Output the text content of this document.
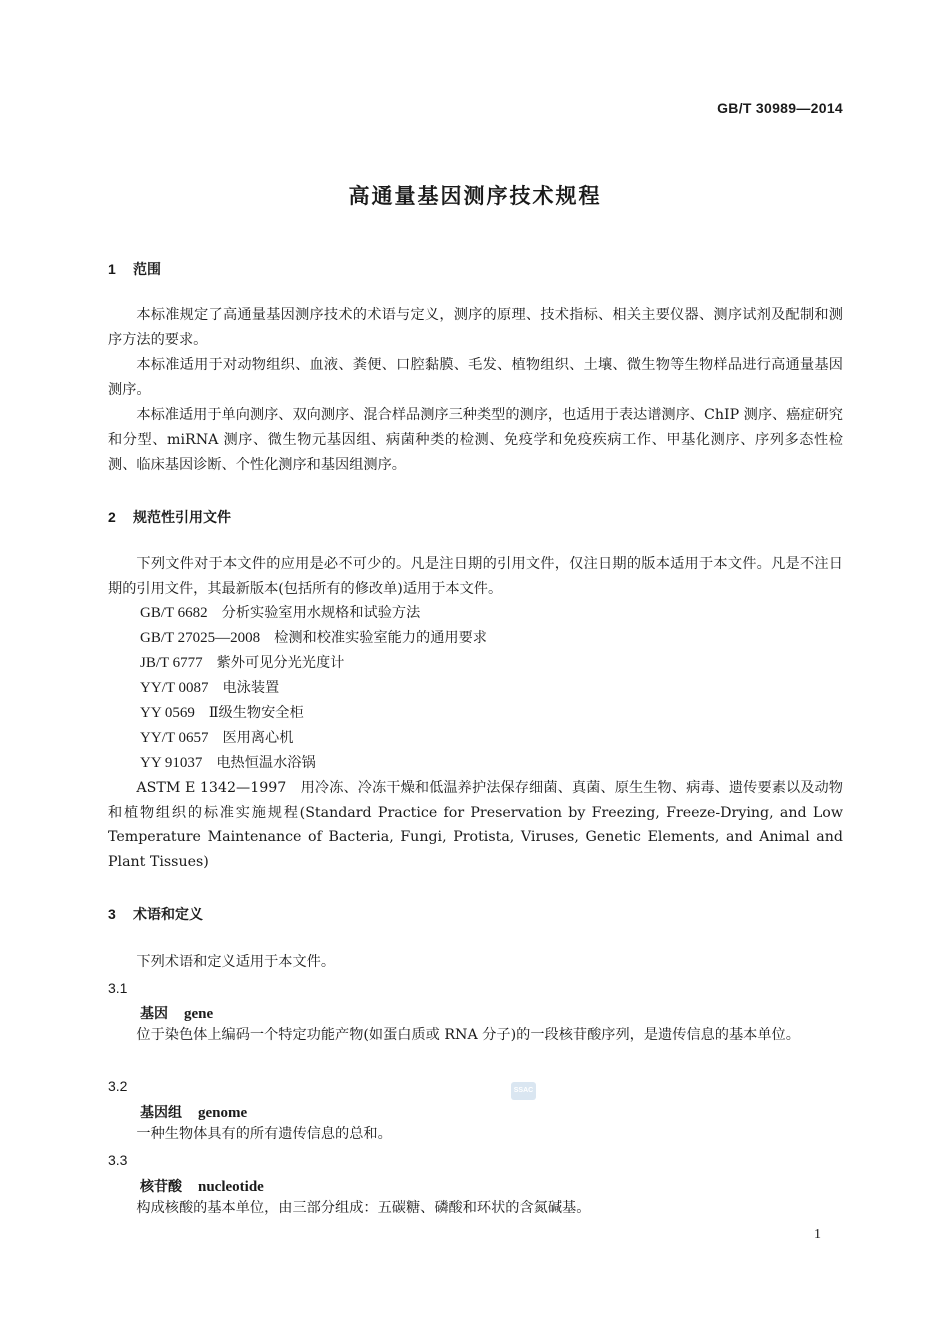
GB/T 30989—2014
高通量基因测序技术规程
1 范围

本标准规定了高通量基因测序技术的术语与定义，测序的原理、技术指标、相关主要仪器、测序试剂及配制和测序方法的要求。

本标准适用于对动物组织、血液、粪便、口腔黏膜、毛发、植物组织、土壤、微生物等生物样品进行高通量基因测序。

本标准适用于单向测序、双向测序、混合样品测序三种类型的测序，也适用于表达谱测序、ChIP 测序、癌症研究和分型、miRNA 测序、微生物元基因组、病菌种类的检测、免疫学和免疫疾病工作、甲基化测序、序列多态性检测、临床基因诊断、个性化测序和基因组测序。

2 规范性引用文件

下列文件对于本文件的应用是必不可少的。凡是注日期的引用文件，仅注日期的版本适用于本文件。凡是不注日期的引用文件，其最新版本(包括所有的修改单)适用于本文件。

GB/T 6682 分析实验室用水规格和试验方法
GB/T 27025—2008 检测和校准实验室能力的通用要求
JB/T 6777 紫外可见分光光度计
YY/T 0087 电泳装置
YY 0569 Ⅱ级生物安全柜
YY/T 0657 医用离心机
YY 91037 电热恒温水浴锅

ASTM E 1342—1997　用冷冻、冷冻干燥和低温养护法保存细菌、真菌、原生生物、病毒、遗传要素以及动物和植物组织的标准实施规程(Standard Practice for Preservation by Freezing, Freeze-Drying, and Low Temperature Maintenance of Bacteria, Fungi, Protista, Viruses, Genetic Elements, and Animal and Plant Tissues)

3 术语和定义

下列术语和定义适用于本文件。

3.1
基因 gene

位于染色体上编码一个特定功能产物(如蛋白质或 RNA 分子)的一段核苷酸序列，是遗传信息的基本单位。

3.2
基因组 genome

一种生物体具有的所有遗传信息的总和。

3.3
核苷酸 nucleotide

构成核酸的基本单位，由三部分组成：五碳糖、磷酸和环状的含氮碱基。

SSAC
1
